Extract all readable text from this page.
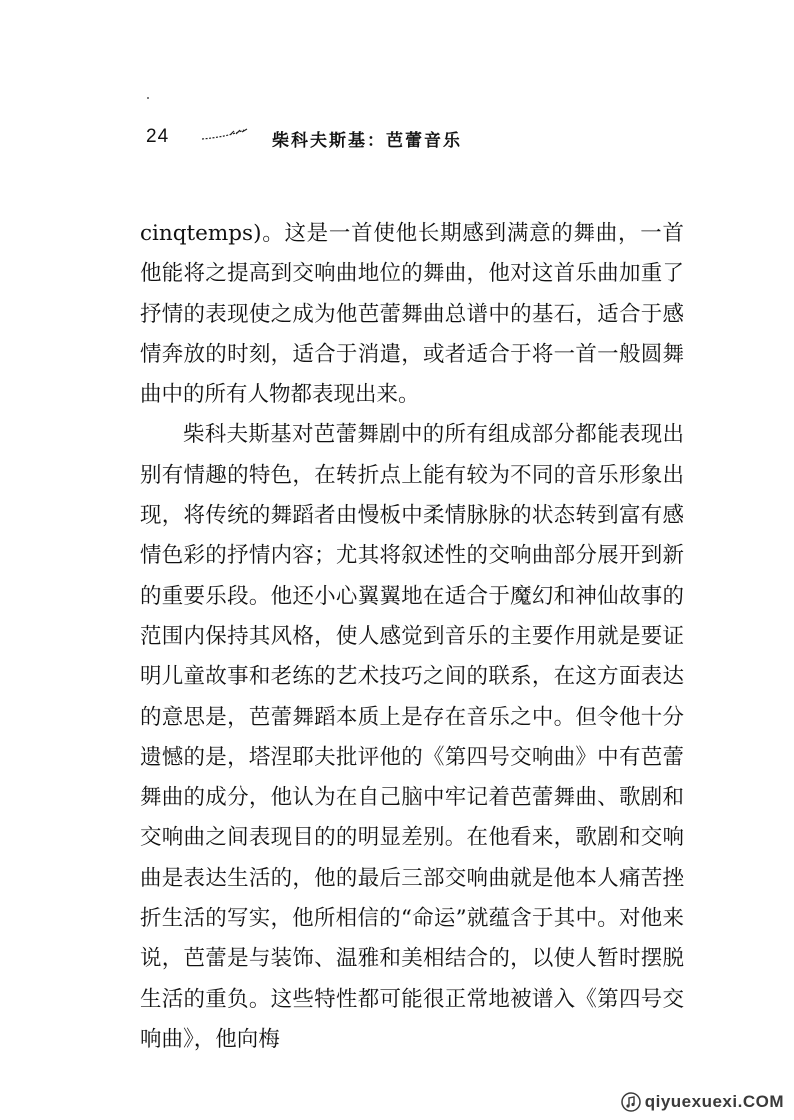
24	柴科夫斯基：芭蕾音乐

cinqtemps)。这是一首使他长期感到满意的舞曲，一首他能将之提高到交响曲地位的舞曲，他对这首乐曲加重了抒情的表现使之成为他芭蕾舞曲总谱中的基石，适合于感情奔放的时刻，适合于消遣，或者适合于将一首一般圆舞曲中的所有人物都表现出来。

柴科夫斯基对芭蕾舞剧中的所有组成部分都能表现出别有情趣的特色，在转折点上能有较为不同的音乐形象出现，将传统的舞蹈者由慢板中柔情脉脉的状态转到富有感情色彩的抒情内容；尤其将叙述性的交响曲部分展开到新的重要乐段。他还小心翼翼地在适合于魔幻和神仙故事的范围内保持其风格，使人感觉到音乐的主要作用就是要证明儿童故事和老练的艺术技巧之间的联系，在这方面表达的意思是，芭蕾舞蹈本质上是存在音乐之中。但令他十分遗憾的是，塔涅耶夫批评他的《第四号交响曲》中有芭蕾舞曲的成分，他认为在自己脑中牢记着芭蕾舞曲、歌剧和交响曲之间表现目的的明显差别。在他看来，歌剧和交响曲是表达生活的，他的最后三部交响曲就是他本人痛苦挫折生活的写实，他所相信的“命运”就蕴含于其中。对他来说，芭蕾是与装饰、温雅和美相结合的，以使人暂时摆脱生活的重负。这些特性都可能很正常地被谱入《第四号交响曲》，他向梅

qiyuexuexi.COM
